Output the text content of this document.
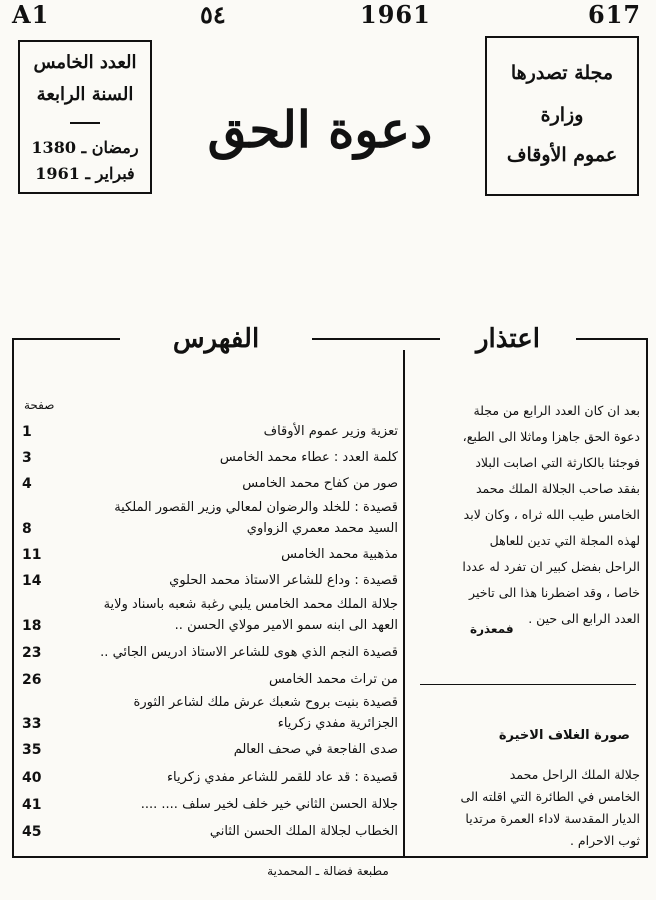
A1	٥٤	1961	617
العدد الخامس
السنة الرابعة
رمضان ـ 1380
فبراير ـ 1961
دعوة الحق
مجلة تصدرها
وزارة
عموم الأوقاف
الفهرس	اعتذار
صفحة
1	تعزية وزير عموم الأوقاف
3	كلمة العدد : عطاء محمد الخامس
4	صور من كفاح محمد الخامس
قصيدة : للخلد والرضوان لمعالي وزير القصور الملكية
8	السيد محمد معمري الزواوي
11	مذهبية محمد الخامس
14	قصيدة : وداع للشاعر الاستاذ محمد الحلوي
جلالة الملك محمد الخامس يلبي رغبة شعبه باسناد ولاية
18	العهد الى ابنه سمو الامير مولاي الحسن ..
23	قصيدة النجم الذي هوى للشاعر الاستاذ ادريس الجائي ..
26	من تراث محمد الخامس
قصيدة بنيت بروح شعبك عرش ملك لشاعر الثورة
33	الجزائرية مفدي زكرياء
35	صدى الفاجعة في صحف العالم
40	قصيدة : قد عاد للقمر للشاعر مفدي زكرياء
41	جلالة الحسن الثاني خير خلف لخير سلف .... ....
45	الخطاب لجلالة الملك الحسن الثاني
بعد ان كان العدد الرابع من مجلة
دعوة الحق جاهزا وماثلا الى الطبع،
فوجئنا بالكارثة التي اصابت البلاد
بفقد صاحب الجلالة الملك محمد
الخامس طيب الله ثراه ، وكان لابد
لهذه المجلة التي تدين للعاهل
الراحل بفضل كبير ان تفرد له عددا
خاصا ، وقد اضطرنا هذا الى تاخير
العدد الرابع الى حين .
فمعذرة
صورة الغلاف الاخيرة
جلالة الملك الراحل محمد
الخامس في الطائرة التي اقلته الى
الديار المقدسة لاداء العمرة مرتديا
ثوب الاحرام .
مطبعة فضالة ـ المحمدية
